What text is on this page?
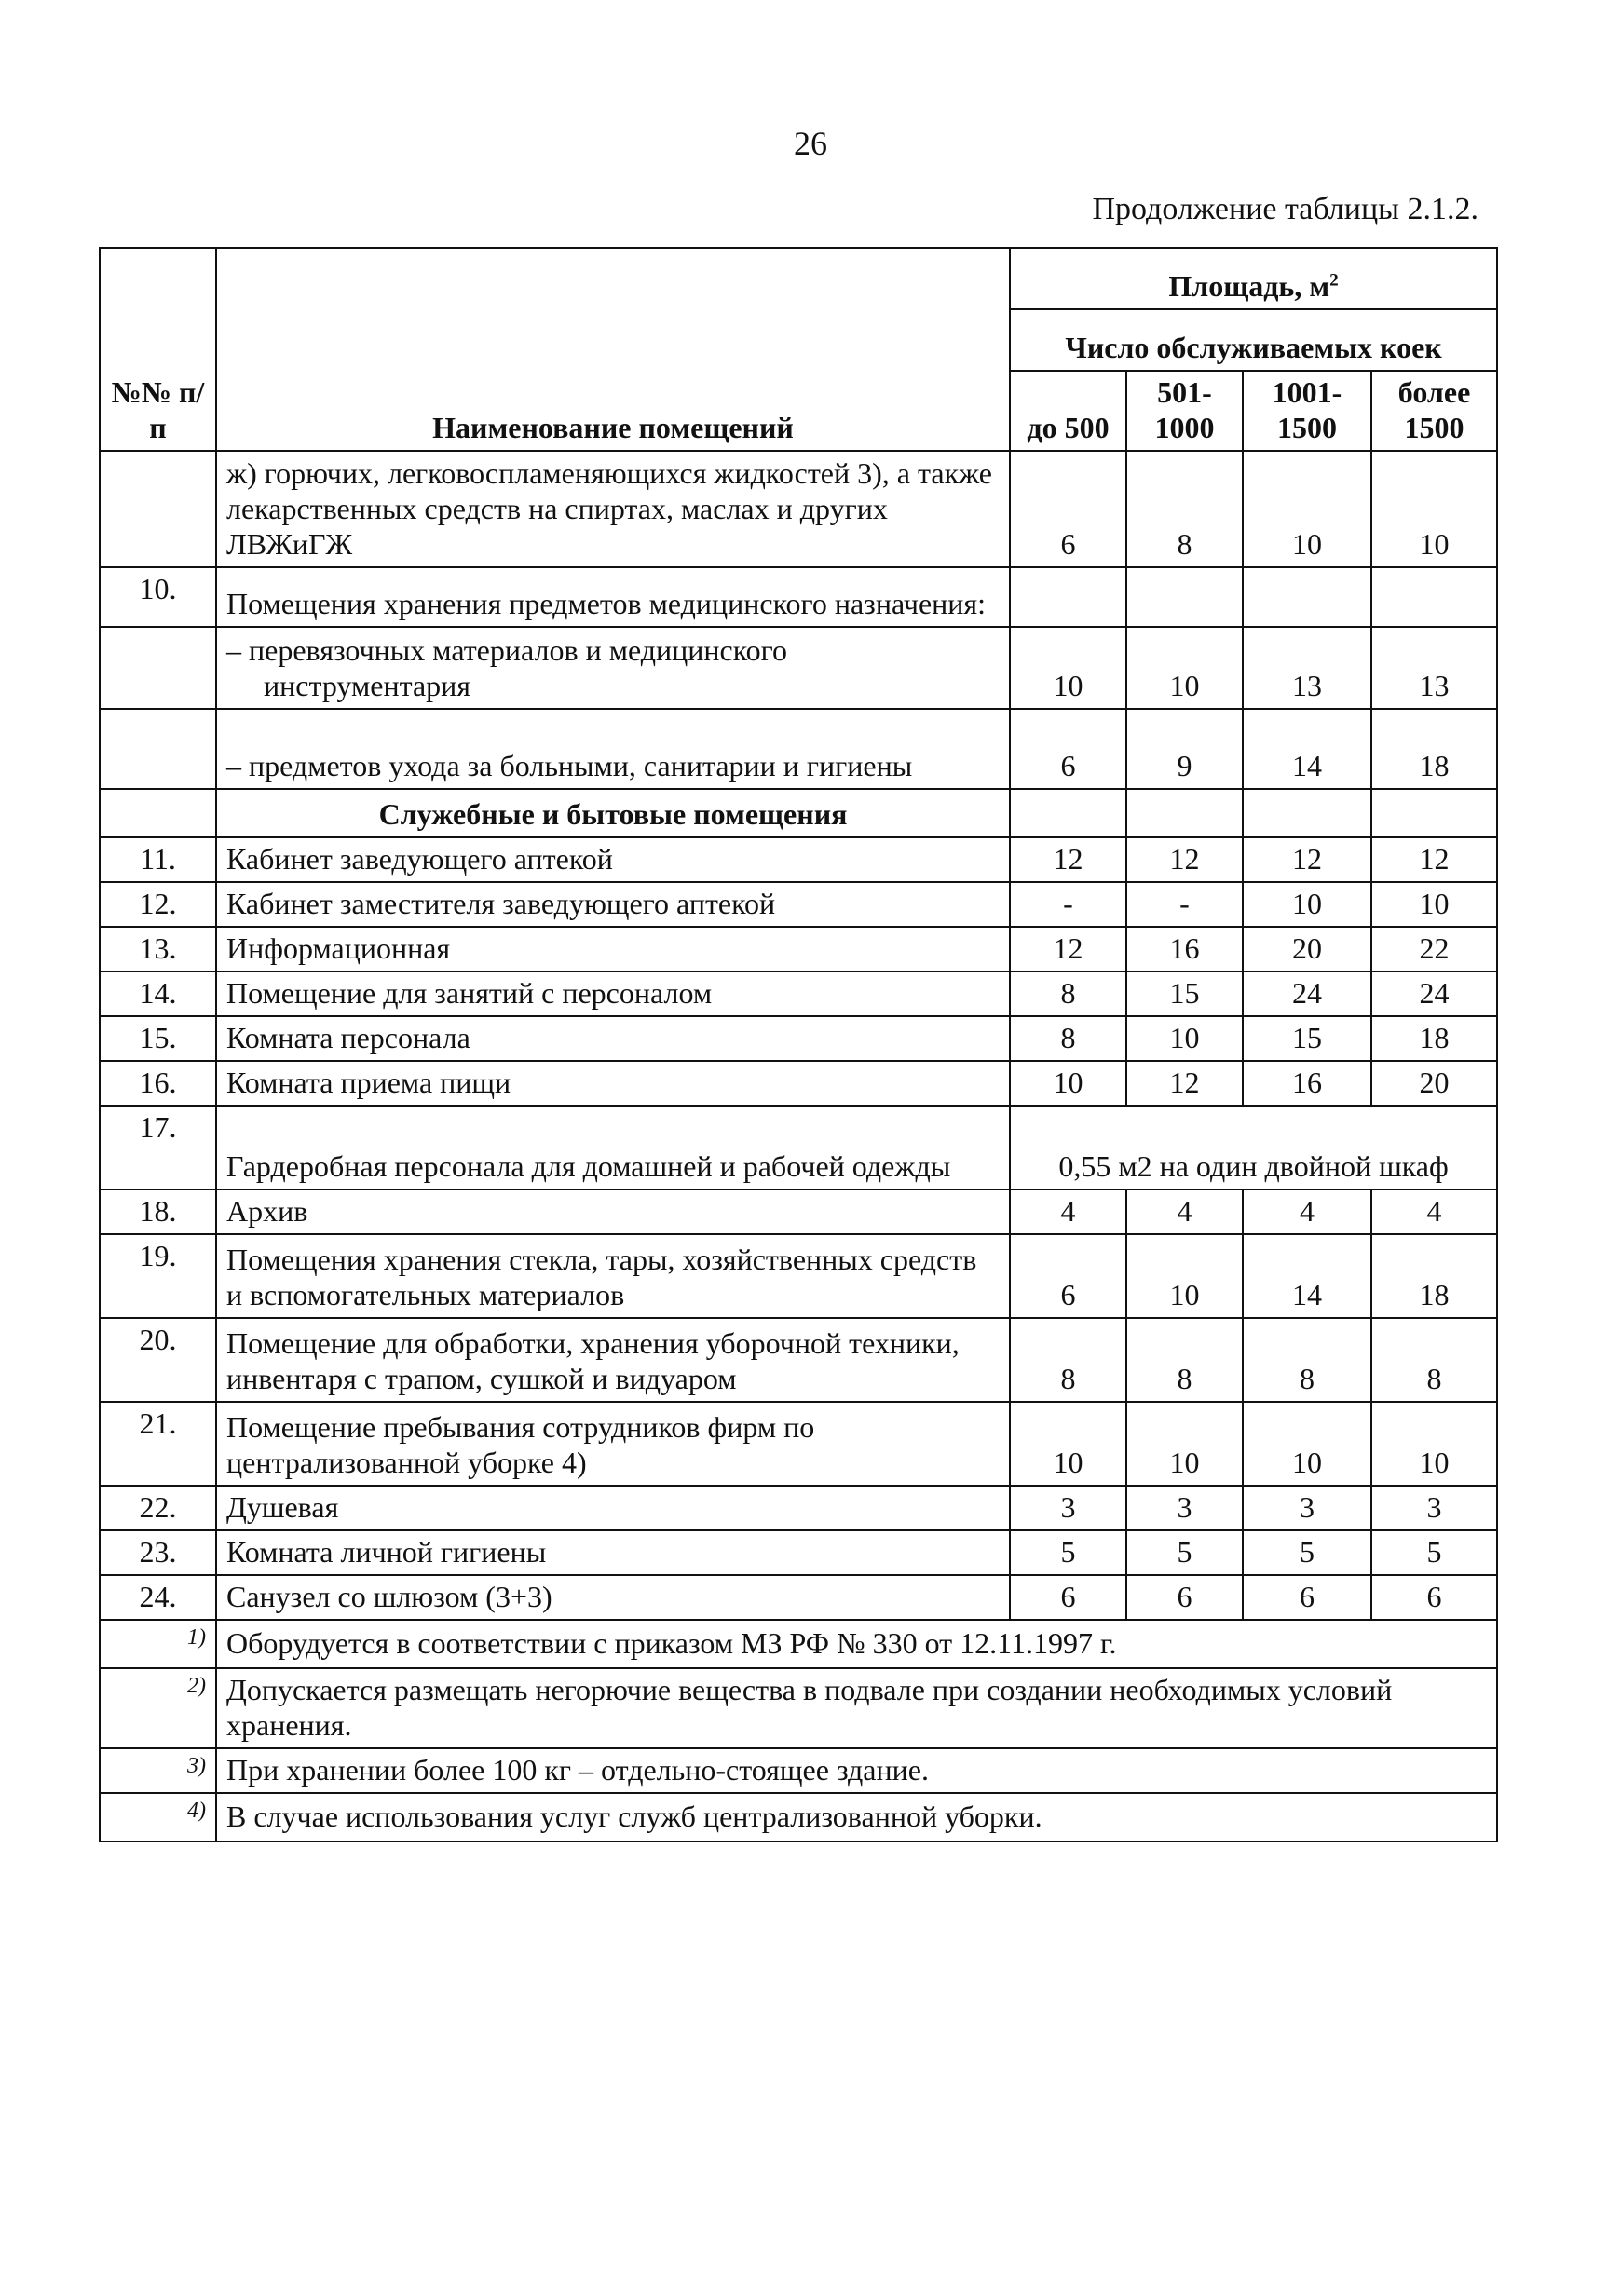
26
Продолжение таблицы 2.1.2.
№№ п/п	Наименование помещений	Площадь, $м^2$
		Число обслуживаемых коек			
		до 500	501-1000	1001-1500	более 1500
	ж) горючих, легковоспламеняющихся жидкостей 3), а также лекарственных средств на спиртах, маслах и других ЛВЖиГЖ	6	8	10	10
10.	Помещения хранения предметов медицинского назначения:				
	– перевязочных материалов и медицинского инструментария	10	10	13	13
	– предметов ухода за больными, санитарии и гигиены	6	9	14	18
	Служебные и бытовые помещения				
11.	Кабинет заведующего аптекой	12	12	12	12
12.	Кабинет заместителя заведующего аптекой	-	-	10	10
13.	Информационная	12	16	20	22
14.	Помещение для занятий с персоналом	8	15	24	24
15.	Комната персонала	8	10	15	18
16.	Комната приема пищи	10	12	16	20
17.	Гардеробная персонала для домашней и рабочей одежды	0,55 м2 на один двойной шкаф			
18.	Архив	4	4	4	4
19.	Помещения хранения стекла, тары, хозяйственных средств и вспомогательных материалов	6	10	14	18
20.	Помещение для обработки, хранения уборочной техники, инвентаря с трапом, сушкой и видуаром	8	8	8	8
21.	Помещение пребывания сотрудников фирм по централизованной уборке 4)	10	10	10	10
22.	Душевая	3	3	3	3
23.	Комната личной гигиены	5	5	5	5
24.	Санузел со шлюзом (3+3)	6	6	6	6
1)	Оборудуется в соответствии с приказом МЗ РФ № 330 от 12.11.1997 г.				
2)	Допускается размещать негорючие вещества в подвале при создании необходимых условий хранения.				
3)	При хранении более 100 кг – отдельно-стоящее здание.				
4)	В случае использования услуг служб централизованной уборки.				
